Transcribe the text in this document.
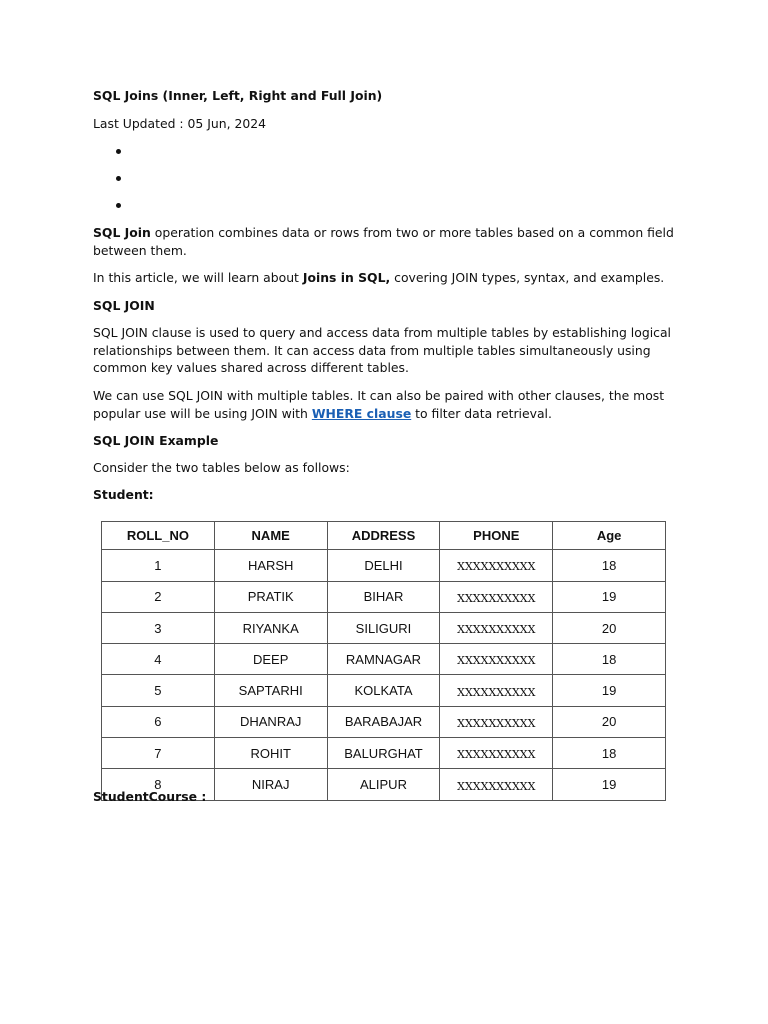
SQL Joins (Inner, Left, Right and Full Join)

Last Updated : 05 Jun, 2024

SQL Join operation combines data or rows from two or more tables based on a common field between them.

In this article, we will learn about Joins in SQL, covering JOIN types, syntax, and examples.

SQL JOIN

SQL JOIN clause is used to query and access data from multiple tables by establishing logical relationships between them. It can access data from multiple tables simultaneously using common key values shared across different tables.

We can use SQL JOIN with multiple tables. It can also be paired with other clauses, the most popular use will be using JOIN with WHERE clause to filter data retrieval.

SQL JOIN Example

Consider the two tables below as follows:

Student:

ROLL_NO	NAME	ADDRESS	PHONE	Age
1	HARSH	DELHI	XXXXXXXXXX	18
2	PRATIK	BIHAR	XXXXXXXXXX	19
3	RIYANKA	SILIGURI	XXXXXXXXXX	20
4	DEEP	RAMNAGAR	XXXXXXXXXX	18
5	SAPTARHI	KOLKATA	XXXXXXXXXX	19
6	DHANRAJ	BARABAJAR	XXXXXXXXXX	20
7	ROHIT	BALURGHAT	XXXXXXXXXX	18
8	NIRAJ	ALIPUR	XXXXXXXXXX	19

StudentCourse :
